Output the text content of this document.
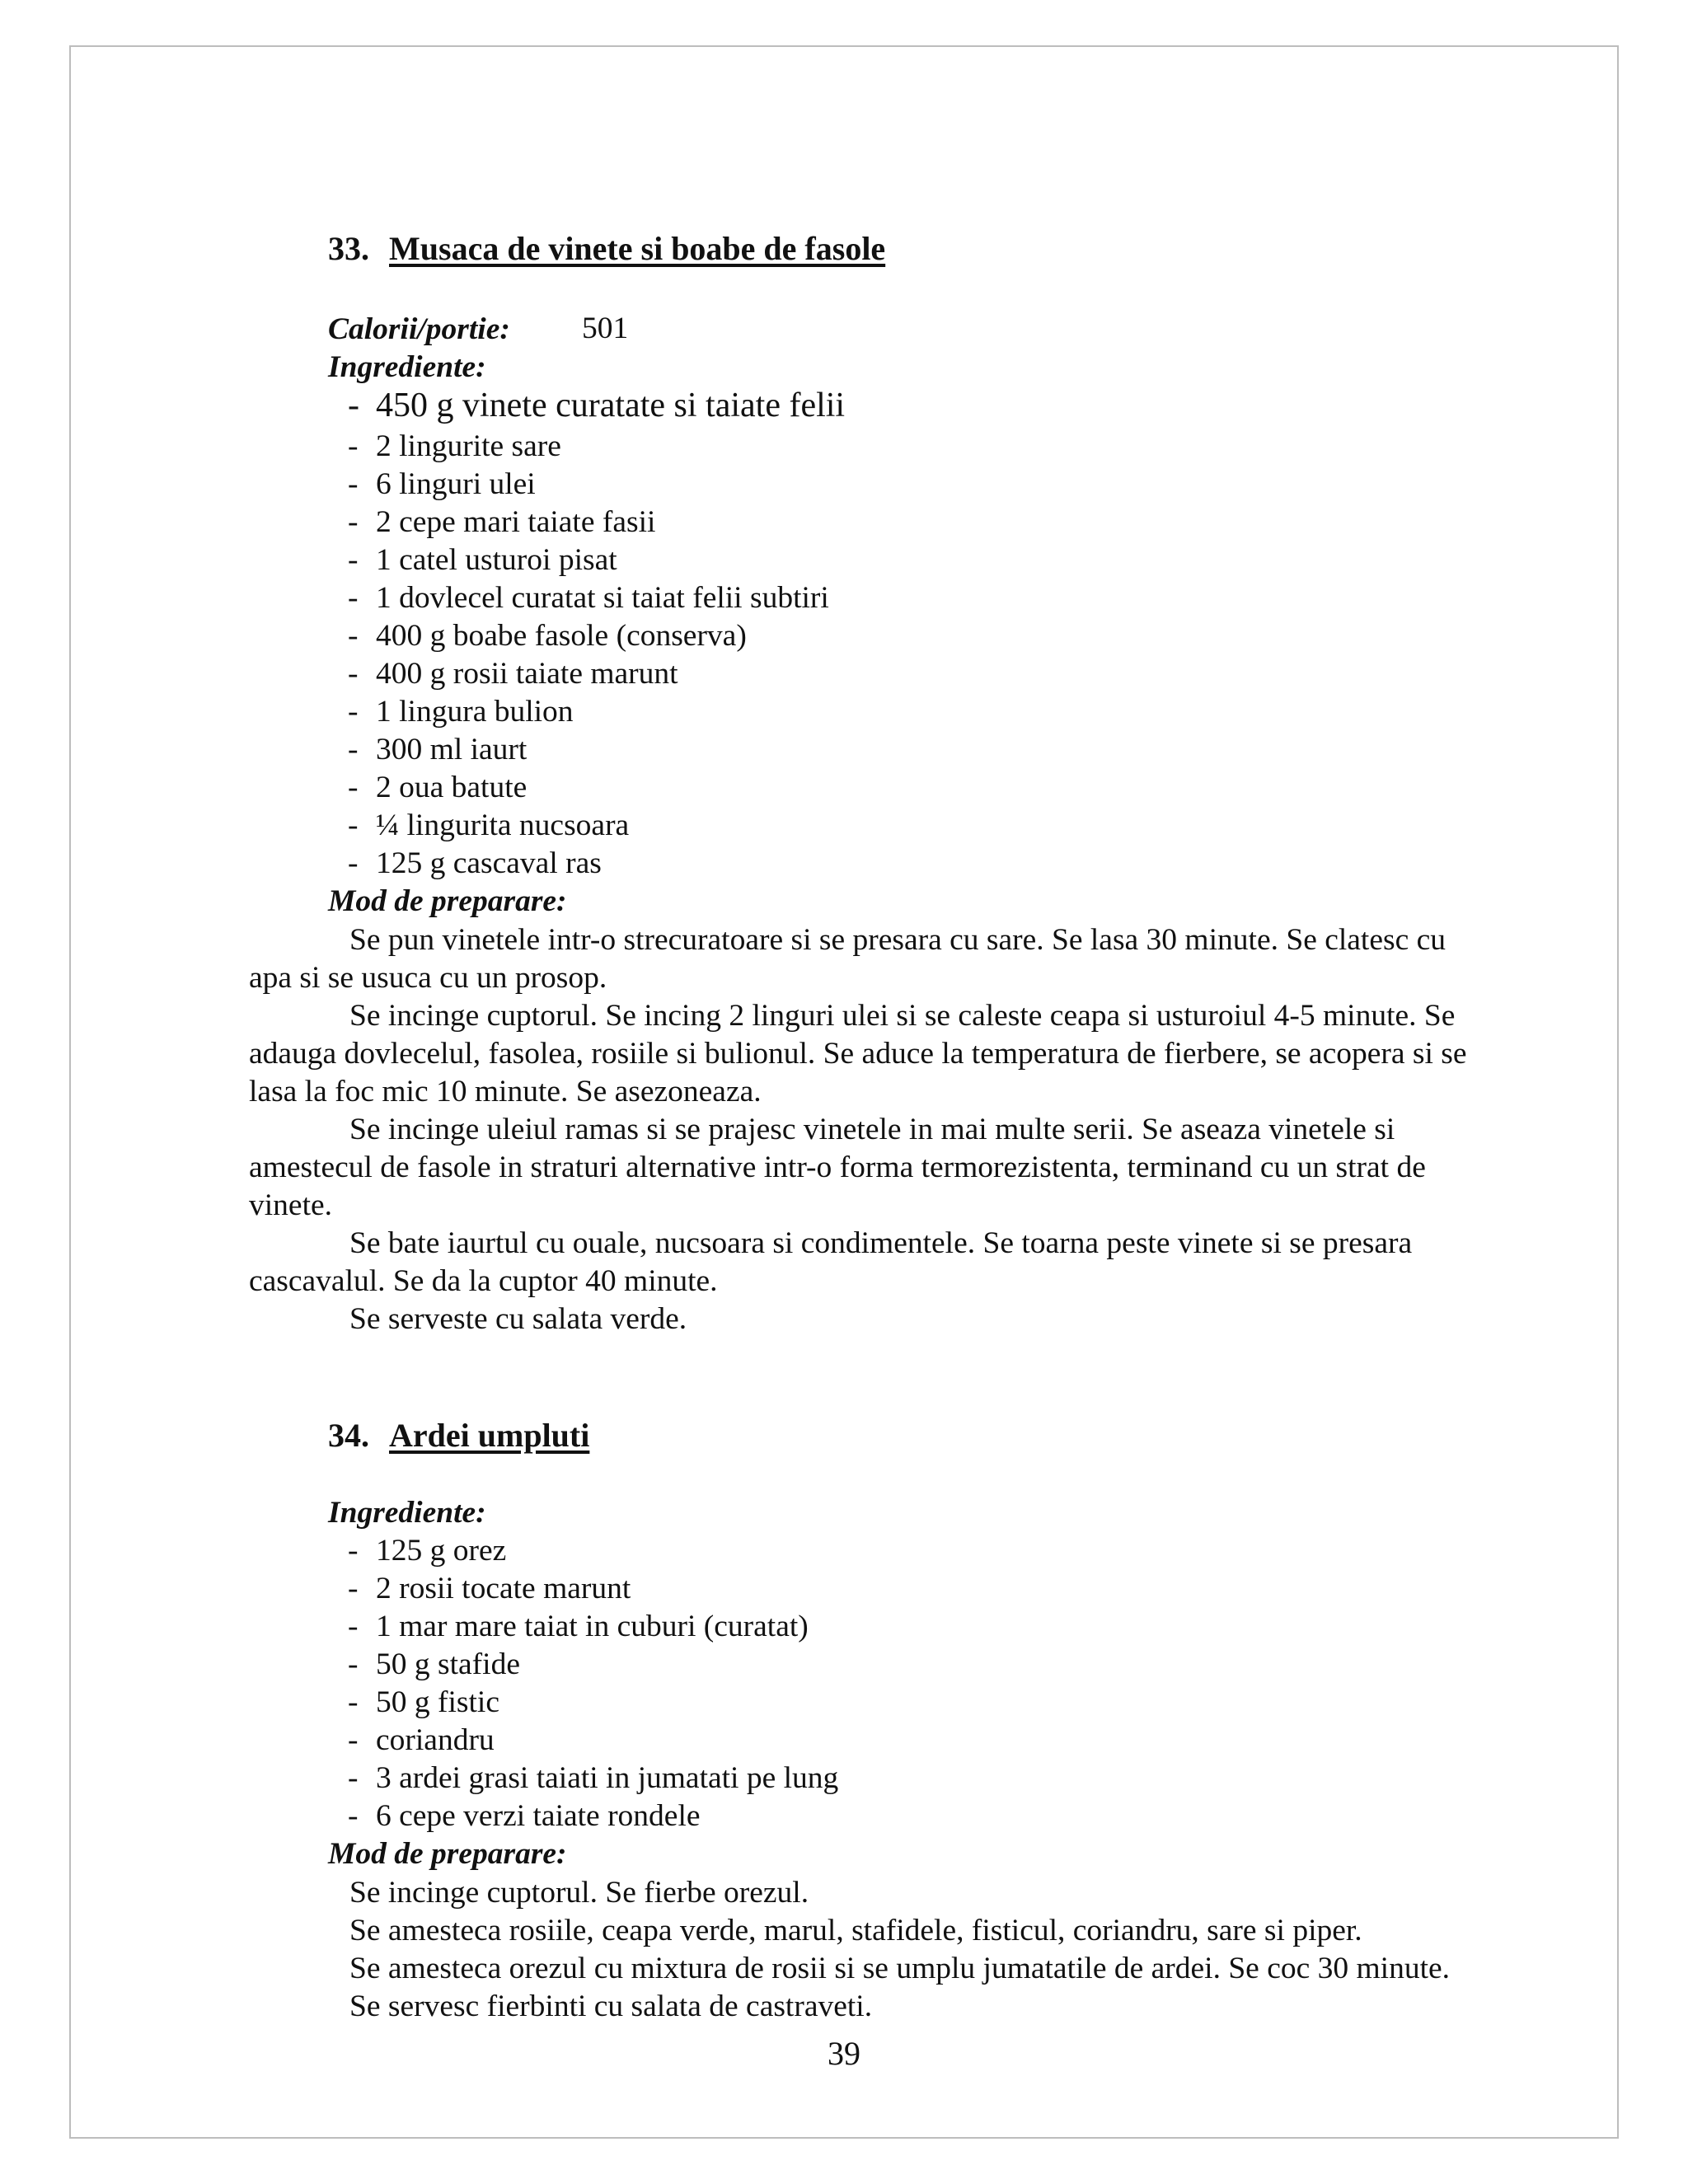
33. Musaca de vinete si boabe de fasole
Calorii/portie: 501
Ingrediente:
- 450 g vinete curatate si taiate felii
- 2 lingurite sare
- 6 linguri ulei
- 2 cepe mari taiate fasii
- 1 catel usturoi pisat
- 1 dovlecel curatat si taiat felii subtiri
- 400 g boabe fasole (conserva)
- 400 g rosii taiate marunt
- 1 lingura bulion
- 300 ml iaurt
- 2 oua batute
- ¼ lingurita nucsoara
- 125 g cascaval ras
Mod de preparare:
Se pun vinetele intr-o strecuratoare si se presara cu sare. Se lasa 30 minute. Se clatesc cu
apa si se usuca cu un prosop.
Se incinge cuptorul. Se incing 2 linguri ulei si se caleste ceapa si usturoiul 4-5 minute. Se
adauga dovlecelul, fasolea, rosiile si bulionul. Se aduce la temperatura de fierbere, se acopera si se
lasa la foc mic 10 minute. Se asezoneaza.
Se incinge uleiul ramas si se prajesc vinetele in mai multe serii. Se aseaza vinetele si
amestecul de fasole in straturi alternative intr-o forma termorezistenta, terminand cu un strat de
vinete.
Se bate iaurtul cu ouale, nucsoara si condimentele. Se toarna peste vinete si se presara
cascavalul. Se da la cuptor 40 minute.
Se serveste cu salata verde.
34. Ardei umpluti
Ingrediente:
- 125 g orez
- 2 rosii tocate marunt
- 1 mar mare taiat in cuburi (curatat)
- 50 g stafide
- 50 g fistic
- coriandru
- 3 ardei grasi taiati in jumatati pe lung
- 6 cepe verzi taiate rondele
Mod de preparare:
Se incinge cuptorul. Se fierbe orezul.
Se amesteca rosiile, ceapa verde, marul, stafidele, fisticul, coriandru, sare si piper.
Se amesteca orezul cu mixtura de rosii si se umplu jumatatile de ardei. Se coc 30 minute.
Se servesc fierbinti cu salata de castraveti.
39
